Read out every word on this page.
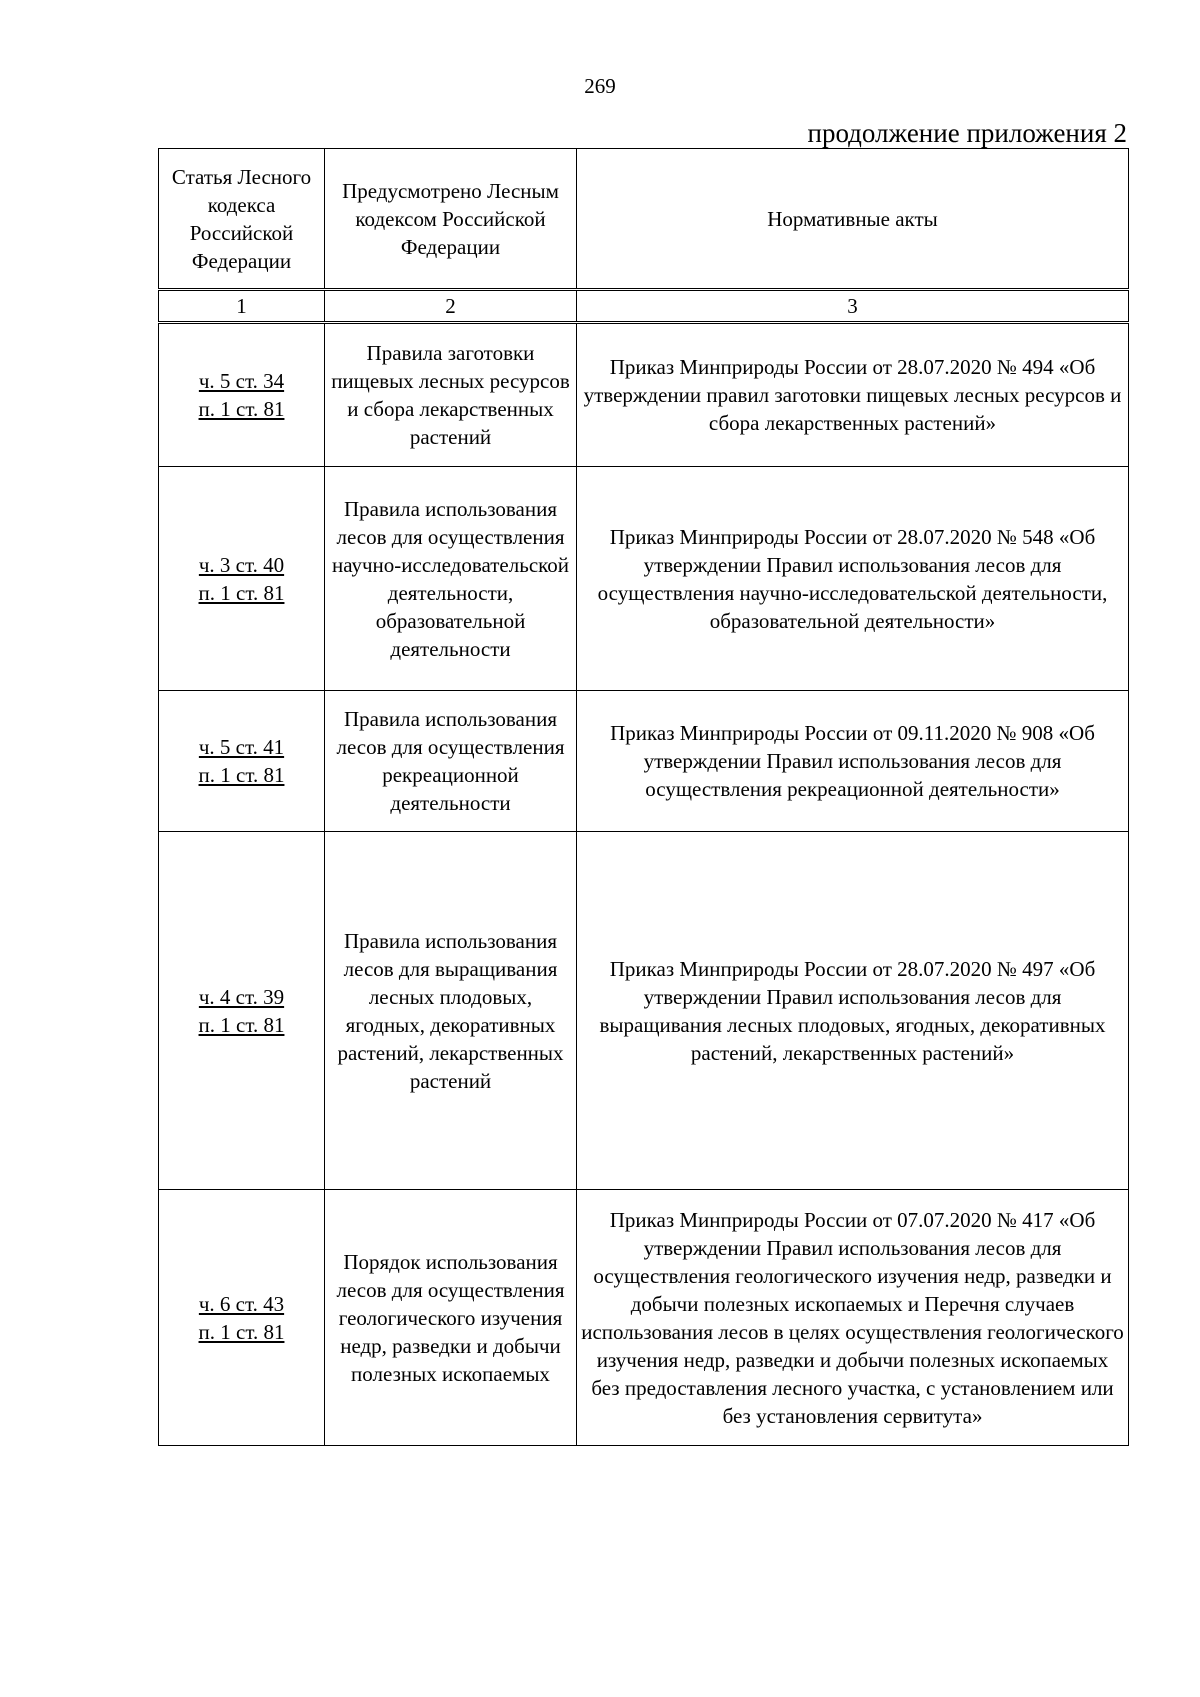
269
продолжение приложения 2
Статья Лесного кодекса Российской Федерации	Предусмотрено Лесным кодексом Российской Федерации	Нормативные акты
1	2	3

ч. 5 ст. 34
п. 1 ст. 81	Правила заготовки пищевых лесных ресурсов и сбора лекарственных растений	Приказ Минприроды России от 28.07.2020 № 494 «Об утверждении правил заготовки пищевых лесных ресурсов и сбора лекарственных растений»

ч. 3 ст. 40
п. 1 ст. 81	Правила использования лесов для осуществления научно-исследовательской деятельности, образовательной деятельности	Приказ Минприроды России от 28.07.2020 № 548 «Об утверждении Правил использования лесов для осуществления научно-исследовательской деятельности, образовательной деятельности»

ч. 5 ст. 41
п. 1 ст. 81	Правила использования лесов для осуществления рекреационной деятельности	Приказ Минприроды России от 09.11.2020 № 908 «Об утверждении Правил использования лесов для осуществления рекреационной деятельности»

ч. 4 ст. 39
п. 1 ст. 81	Правила использования лесов для выращивания лесных плодовых, ягодных, декоративных растений, лекарственных растений	Приказ Минприроды России от 28.07.2020 № 497 «Об утверждении Правил использования лесов для выращивания лесных плодовых, ягодных, декоративных растений, лекарственных растений»

ч. 6 ст. 43
п. 1 ст. 81	Порядок использования лесов для осуществления геологического изучения недр, разведки и добычи полезных ископаемых	Приказ Минприроды России от 07.07.2020 № 417 «Об утверждении Правил использования лесов для осуществления геологического изучения недр, разведки и добычи полезных ископаемых и Перечня случаев использования лесов в целях осуществления геологического изучения недр, разведки и добычи полезных ископаемых без предоставления лесного участка, с установлением или без установления сервитута»
